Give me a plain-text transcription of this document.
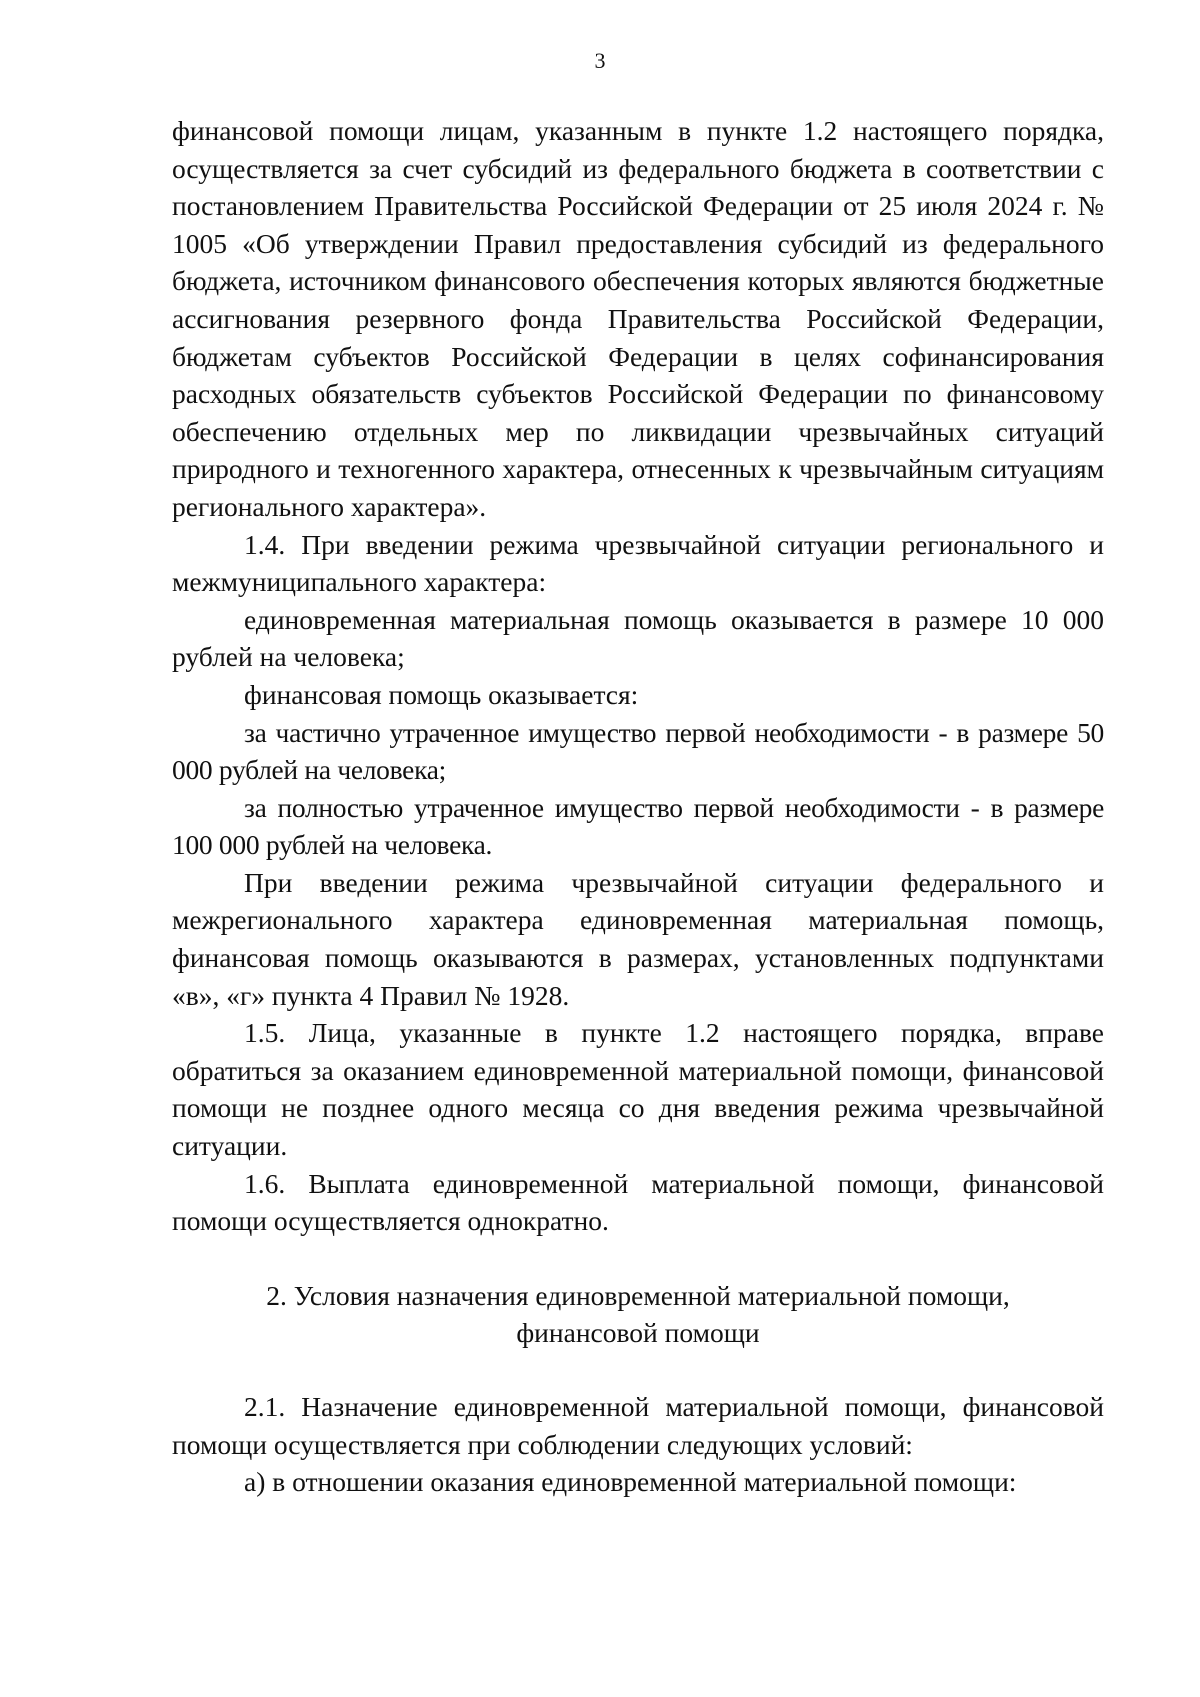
3

финансовой помощи лицам, указанным в пункте 1.2 настоящего порядка, осуществляется за счет субсидий из федерального бюджета в соответствии с постановлением Правительства Российской Федерации от 25 июля 2024 г. № 1005 «Об утверждении Правил предоставления субсидий из федерального бюджета, источником финансового обеспечения которых являются бюджетные ассигнования резервного фонда Правительства Российской Федерации, бюджетам субъектов Российской Федерации в целях софинансирования расходных обязательств субъектов Российской Федерации по финансовому обеспечению отдельных мер по ликвидации чрезвычайных ситуаций природного и техногенного характера, отнесенных к чрезвычайным ситуациям регионального характера».

1.4. При введении режима чрезвычайной ситуации регионального и межмуниципального характера:

единовременная материальная помощь оказывается в размере 10 000 рублей на человека;

финансовая помощь оказывается:

за частично утраченное имущество первой необходимости - в размере 50 000 рублей на человека;

за полностью утраченное имущество первой необходимости - в размере 100 000 рублей на человека.

При введении режима чрезвычайной ситуации федерального и межрегионального характера единовременная материальная помощь, финансовая помощь оказываются в размерах, установленных подпунктами «в», «г» пункта 4 Правил № 1928.

1.5. Лица, указанные в пункте 1.2 настоящего порядка, вправе обратиться за оказанием единовременной материальной помощи, финансовой помощи не позднее одного месяца со дня введения режима чрезвычайной ситуации.

1.6. Выплата единовременной материальной помощи, финансовой помощи осуществляется однократно.

2. Условия назначения единовременной материальной помощи,
финансовой помощи

2.1. Назначение единовременной материальной помощи, финансовой помощи осуществляется при соблюдении следующих условий:

а) в отношении оказания единовременной материальной помощи:
